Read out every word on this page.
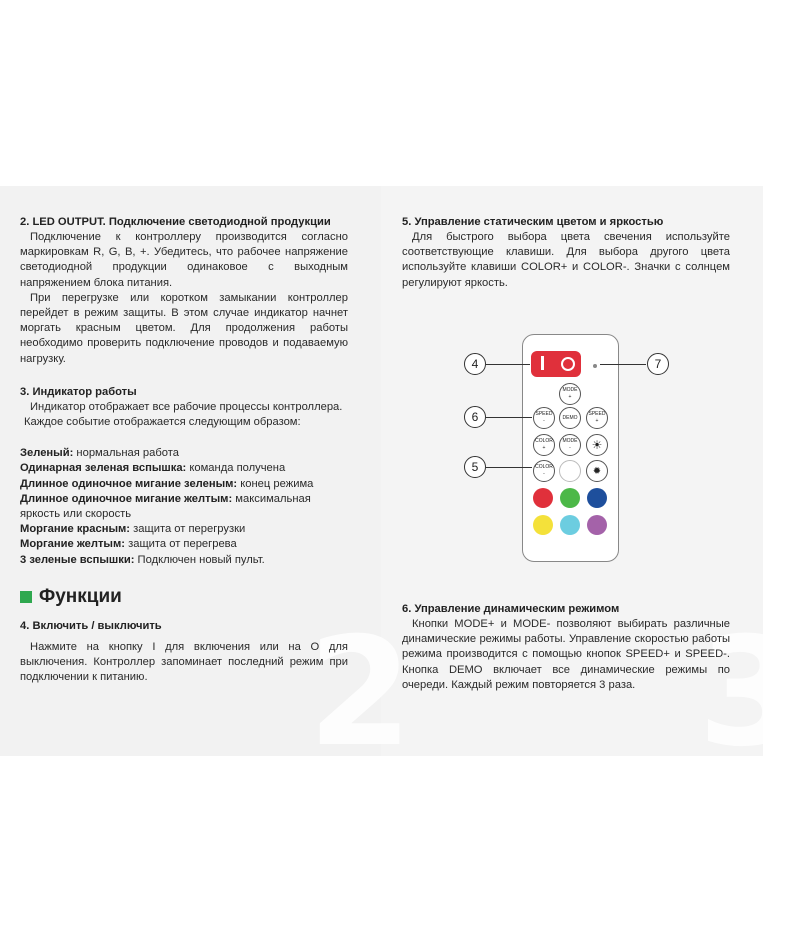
2 3
2. LED OUTPUT. Подключение светодиодной продукции

Подключение к контроллеру производится согласно маркировкам R, G, B, +. Убедитесь, что рабочее напряжение светодиодной продукции одинаковое с выходным напряжением блока питания.

При перегрузке или коротком замыкании контроллер перейдет в режим защиты. В этом случае индикатор начнет моргать красным цветом. Для продолжения работы необходимо проверить подключение проводов и подаваемую нагрузку.

3. Индикатор работы

Индикатор отображает все рабочие процессы контроллера.

Каждое событие отображается следующим образом:

Зеленый: нормальная работа

Одинарная зеленая вспышка: команда получена

Длинное одиночное мигание зеленым: конец режима

Длинное одиночное мигание желтым: максимальная яркость или скорость

Моргание красным: защита от перегрузки

Моргание желтым: защита от перегрева

3 зеленые вспышки: Подключен новый пульт.

Функции
4. Включить / выключить

Нажмите на кнопку I для включения или на O для выключения. Контроллер запоминает последний режим при подключении к питанию.

5. Управление статическим цветом и яркостью

Для быстрого выбора цвета свечения используйте соответствующие клавиши. Для выбора другого цвета используйте клавиши COLOR+ и COLOR-. Значки с солнцем регулируют яркость.

6. Управление динамическим режимом

Кнопки MODE+ и MODE- позволяют выбирать различные динамические режимы работы. Управление скоростью работы режима производится с помощью кнопок SPEED+ и SPEED-. Кнопка DEMO включает все динамические режимы по очереди. Каждый режим повторяется 3 раза.

MODE
+
SPEED
-
DEMO
SPEED
+
COLOR
+
MODE
-	☀
COLOR
-	✹
4
6
5
7
